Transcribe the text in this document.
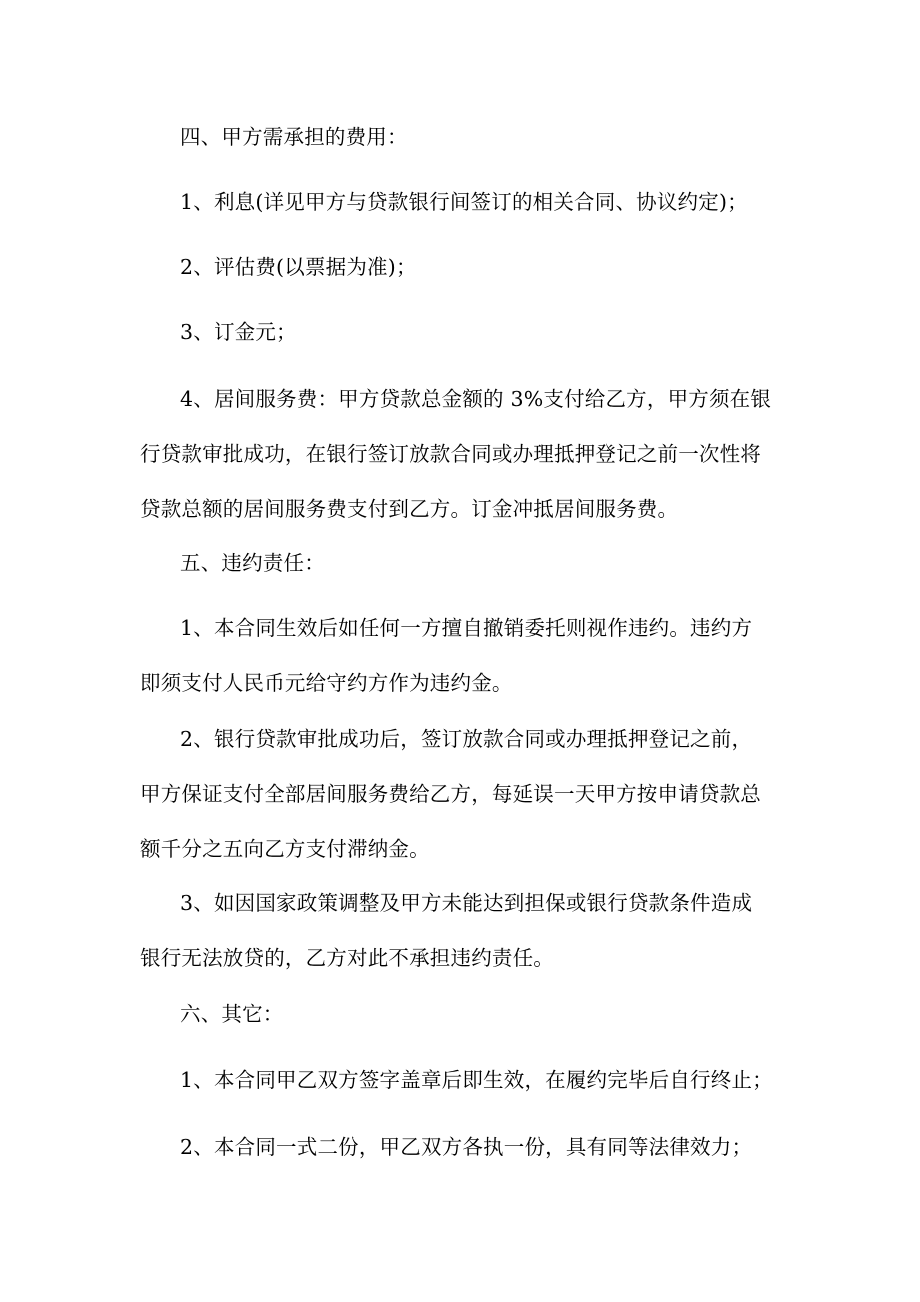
四、甲方需承担的费用：

1、利息(详见甲方与贷款银行间签订的相关合同、协议约定)；

2、评估费(以票据为准)；

3、订金元；

4、居间服务费：甲方贷款总金额的 3%支付给乙方，甲方须在银
行贷款审批成功，在银行签订放款合同或办理抵押登记之前一次性将
贷款总额的居间服务费支付到乙方。订金冲抵居间服务费。

五、违约责任：

1、本合同生效后如任何一方擅自撤销委托则视作违约。违约方
即须支付人民币元给守约方作为违约金。

2、银行贷款审批成功后，签订放款合同或办理抵押登记之前，
甲方保证支付全部居间服务费给乙方，每延误一天甲方按申请贷款总
额千分之五向乙方支付滞纳金。

3、如因国家政策调整及甲方未能达到担保或银行贷款条件造成
银行无法放贷的，乙方对此不承担违约责任。

六、其它：

1、本合同甲乙双方签字盖章后即生效，在履约完毕后自行终止；

2、本合同一式二份，甲乙双方各执一份，具有同等法律效力；
